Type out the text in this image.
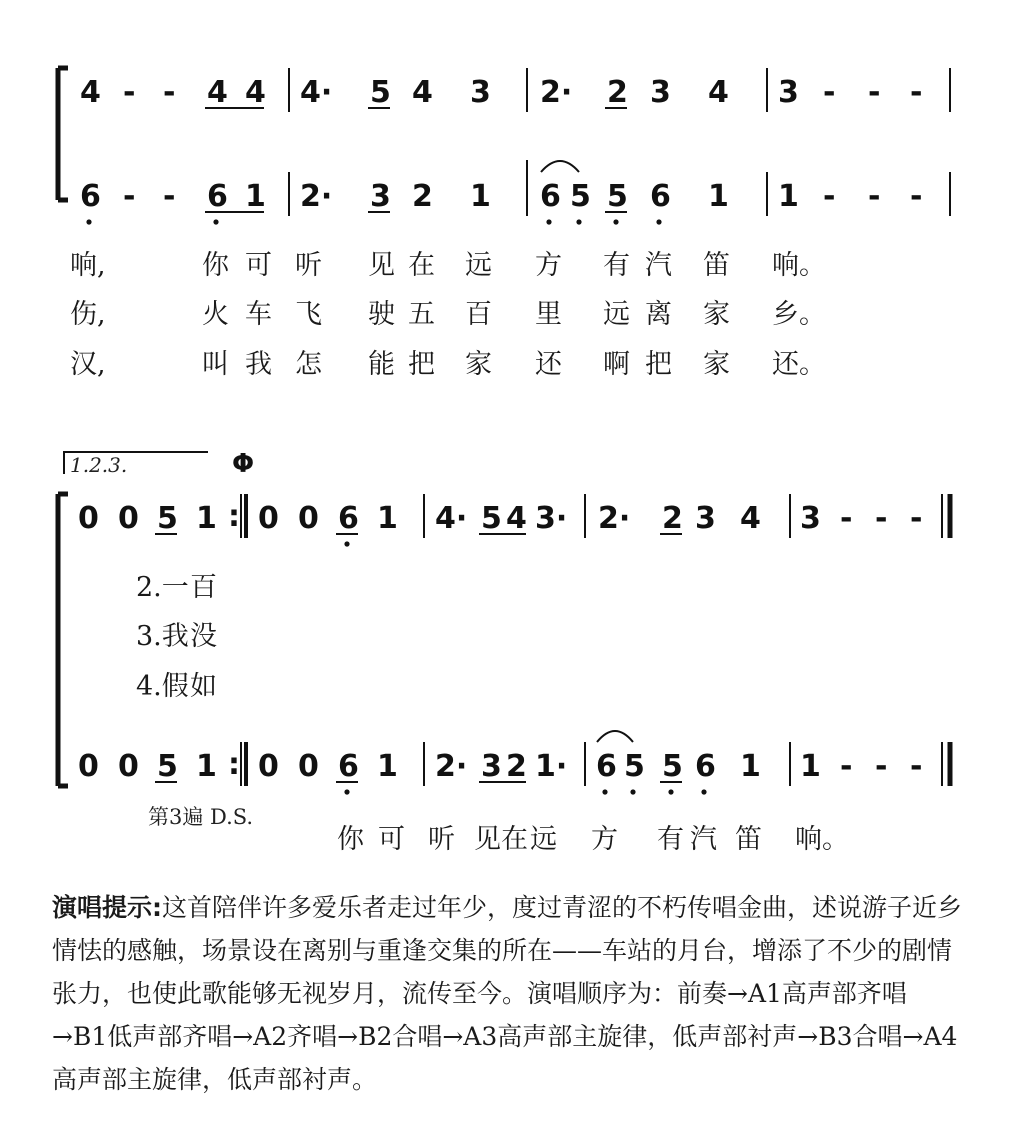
4 - - 4 4 4· 5 4 3 2· 2 3 4 3 - - -
6 - - 6 1 2· 3 2 1 6 5 5 6 1 1 - - -
响,	你 可 听 见 在 远 方 有 汽 笛 响。
伤,	火 车 飞 驶 五 百 里 远 离 家 乡。
汉,	叫 我 怎 能 把 家 还 啊 把 家 还。
1.2.3.	Φ
0 0 5 1 : 0 0 6 1 4· 5 4 3· 2· 2 3 4 3 - - -
2.一 百
3.我 没
4.假 如
0 0 5 1 : 0 0 6 1 2· 3 2 1· 6 5 5 6 1 1 - - -
第3遍 D.S.
你 可 听 见 在 远 方 有 汽 笛 响。
演唱提示:这首陪伴许多爱乐者走过年少，度过青涩的不朽传唱金曲，述说游子近乡情怯的感触，场景设在离别与重逢交集的所在——车站的月台，增添了不少的剧情张力，也使此歌能够无视岁月，流传至今。演唱顺序为：前奏→A1高声部齐唱→B1低声部齐唱→A2齐唱→B2合唱→A3高声部主旋律，低声部衬声→B3合唱→A4高声部主旋律，低声部衬声。
